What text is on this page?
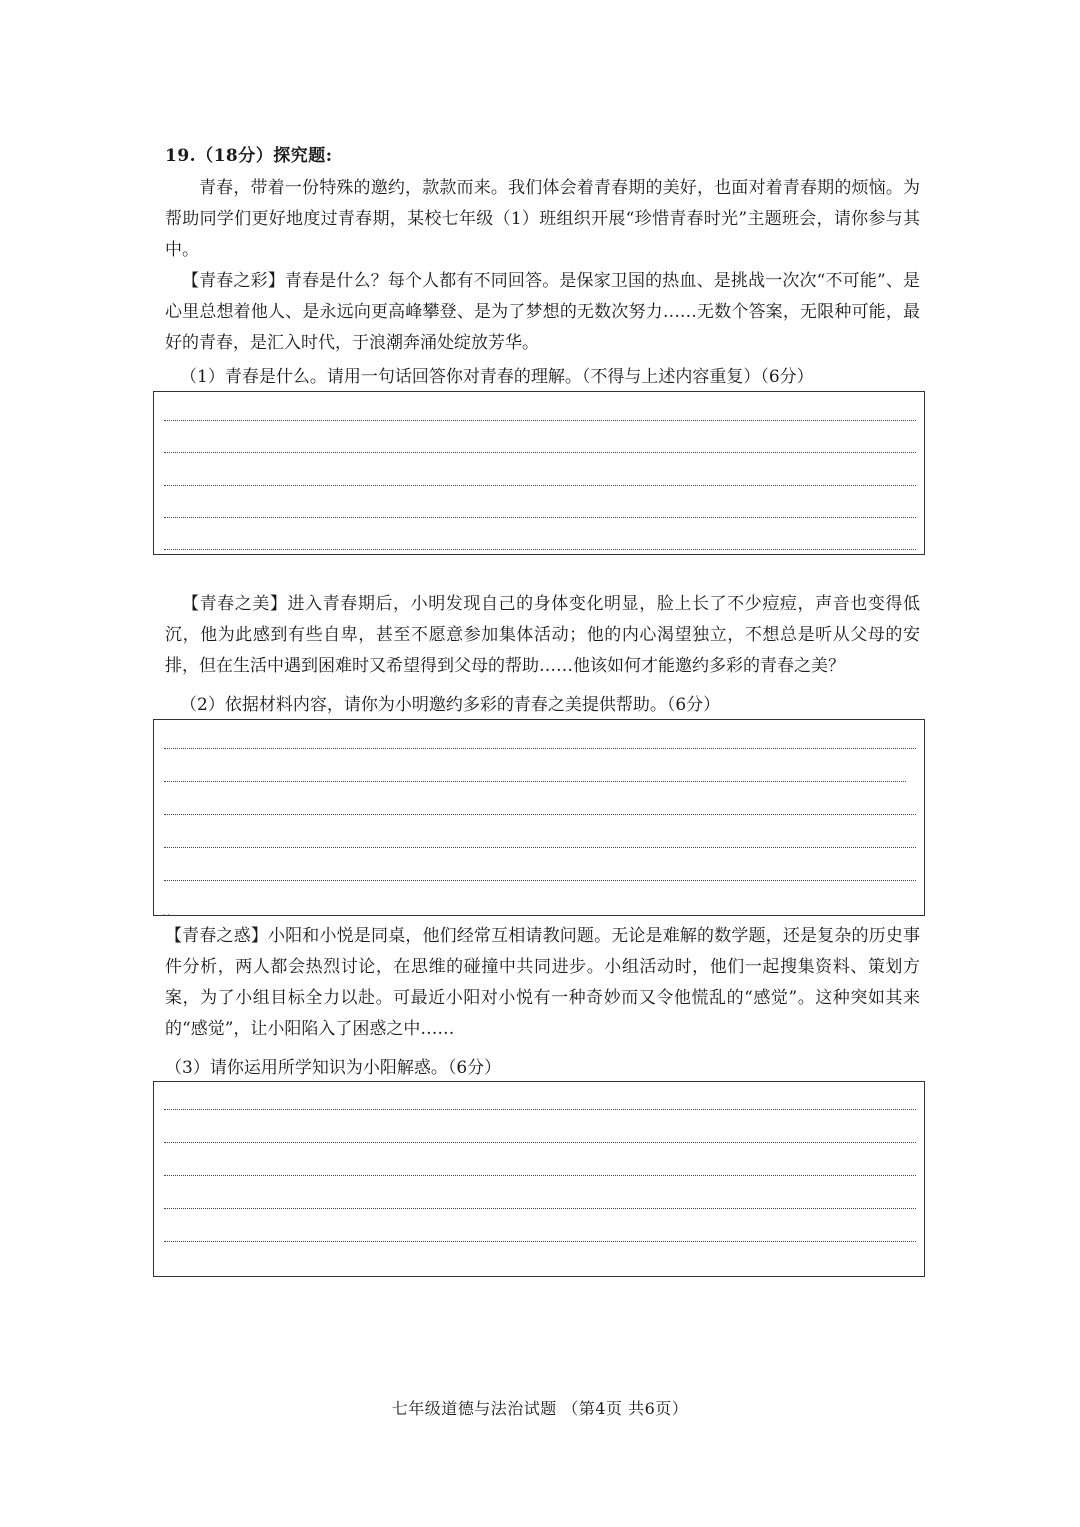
19.（18分）探究题:

青春，带着一份特殊的邀约，款款而来。我们体会着青春期的美好，也面对着青春期的烦恼。为帮助同学们更好地度过青春期，某校七年级（1）班组织开展“珍惜青春时光”主题班会，请你参与其中。

【青春之彩】青春是什么？每个人都有不同回答。是保家卫国的热血、是挑战一次次“不可能”、是心里总想着他人、是永远向更高峰攀登、是为了梦想的无数次努力……无数个答案，无限种可能，最好的青春，是汇入时代，于浪潮奔涌处绽放芳华。

（1）青春是什么。请用一句话回答你对青春的理解。（不得与上述内容重复）（6分）

【青春之美】进入青春期后，小明发现自己的身体变化明显，脸上长了不少痘痘，声音也变得低沉，他为此感到有些自卑，甚至不愿意参加集体活动；他的内心渴望独立，不想总是听从父母的安排，但在生活中遇到困难时又希望得到父母的帮助……他该如何才能邀约多彩的青春之美？

（2）依据材料内容，请你为小明邀约多彩的青春之美提供帮助。（6分）
..

【青春之惑】小阳和小悦是同桌，他们经常互相请教问题。无论是难解的数学题，还是复杂的历史事件分析，两人都会热烈讨论，在思维的碰撞中共同进步。小组活动时，他们一起搜集资料、策划方案，为了小组目标全力以赴。可最近小阳对小悦有一种奇妙而又令他慌乱的“感觉”。这种突如其来的“感觉”，让小阳陷入了困惑之中……

（3）请你运用所学知识为小阳解惑。（6分）
七年级道德与法治试题 （第4页 共6页）
